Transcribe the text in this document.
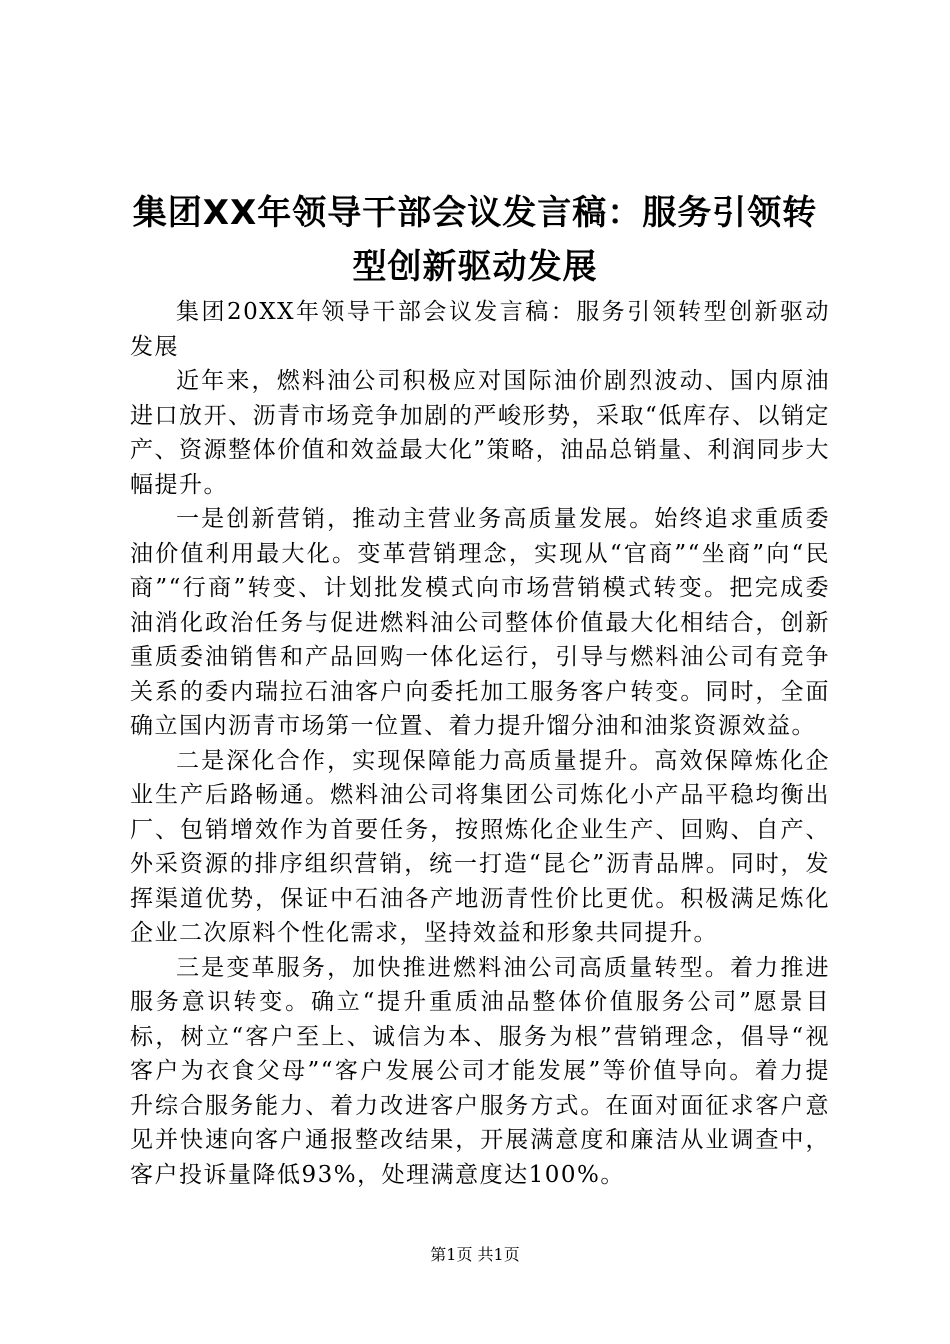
集团XX年领导干部会议发言稿：服务引领转
型创新驱动发展

集团20XX年领导干部会议发言稿：服务引领转型创新驱动发展

近年来，燃料油公司积极应对国际油价剧烈波动、国内原油进口放开、沥青市场竞争加剧的严峻形势，采取“低库存、以销定产、资源整体价值和效益最大化”策略，油品总销量、利润同步大幅提升。

一是创新营销，推动主营业务高质量发展。始终追求重质委油价值利用最大化。变革营销理念，实现从“官商”“坐商”向“民商”“行商”转变、计划批发模式向市场营销模式转变。把完成委油消化政治任务与促进燃料油公司整体价值最大化相结合，创新重质委油销售和产品回购一体化运行，引导与燃料油公司有竞争关系的委内瑞拉石油客户向委托加工服务客户转变。同时，全面确立国内沥青市场第一位置、着力提升馏分油和油浆资源效益。

二是深化合作，实现保障能力高质量提升。高效保障炼化企业生产后路畅通。燃料油公司将集团公司炼化小产品平稳均衡出厂、包销增效作为首要任务，按照炼化企业生产、回购、自产、外采资源的排序组织营销，统一打造“昆仑”沥青品牌。同时，发挥渠道优势，保证中石油各产地沥青性价比更优。积极满足炼化企业二次原料个性化需求，坚持效益和形象共同提升。

三是变革服务，加快推进燃料油公司高质量转型。着力推进服务意识转变。确立“提升重质油品整体价值服务公司”愿景目标，树立“客户至上、诚信为本、服务为根”营销理念，倡导“视客户为衣食父母”“客户发展公司才能发展”等价值导向。着力提升综合服务能力、着力改进客户服务方式。在面对面征求客户意见并快速向客户通报整改结果，开展满意度和廉洁从业调查中，客户投诉量降低93%，处理满意度达100%。

第1页 共1页
